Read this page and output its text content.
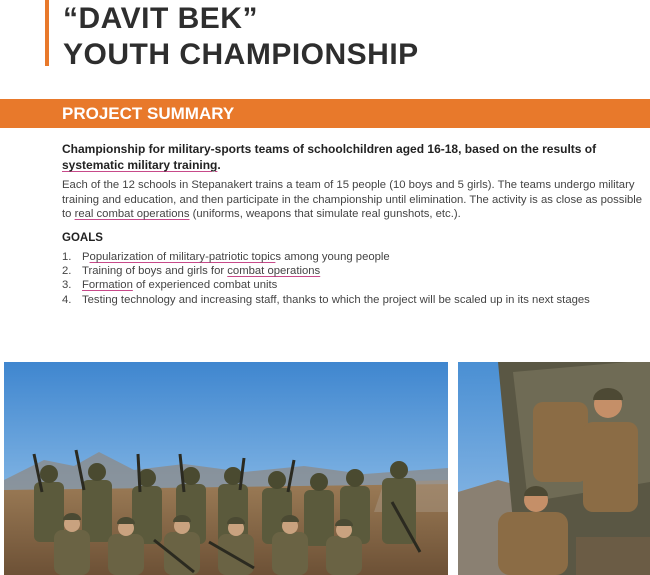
“DAVIT BEK”
YOUTH CHAMPIONSHIP
PROJECT SUMMARY
Championship for military-sports teams of schoolchildren aged 16-18, based on the results of systematic military training.
Each of the 12 schools in Stepanakert trains a team of 15 people (10 boys and 5 girls). The teams undergo military training and education, and then participate in the championship until elimination. The activity is as close as possible to real combat operations (uniforms, weapons that simulate real gunshots, etc.).
GOALS
1. Popularization of military-patriotic topics among young people
2. Training of boys and girls for combat operations
3. Formation of experienced combat units
4. Testing technology and increasing staff, thanks to which the project will be scaled up in its next stages
